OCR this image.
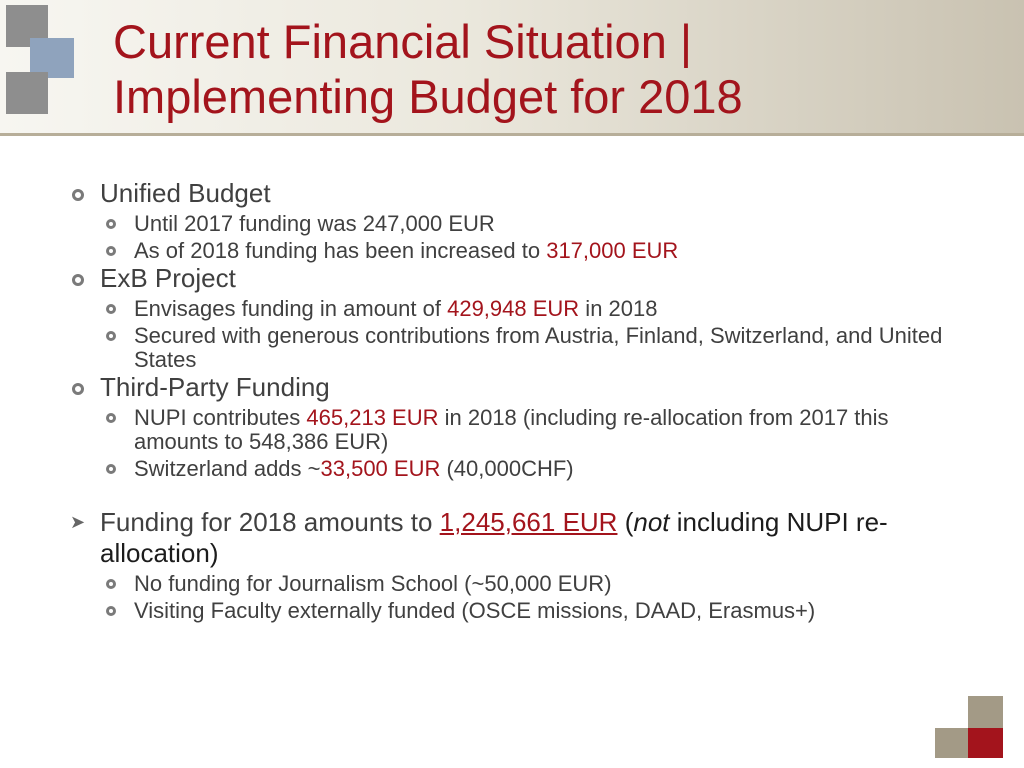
Current Financial Situation |
Implementing Budget for 2018
Unified Budget
Until 2017 funding was 247,000 EUR
As of 2018 funding has been increased to 317,000 EUR
ExB Project
Envisages funding in amount of 429,948 EUR in 2018
Secured with generous contributions from Austria, Finland, Switzerland, and United States
Third-Party Funding
NUPI contributes 465,213 EUR in 2018 (including re-allocation from 2017 this amounts to 548,386 EUR)
Switzerland adds ~33,500 EUR (40,000CHF)
➤ Funding for 2018 amounts to 1,245,661 EUR (not including NUPI re-allocation)
No funding for Journalism School (~50,000 EUR)
Visiting Faculty externally funded (OSCE missions, DAAD, Erasmus+)
